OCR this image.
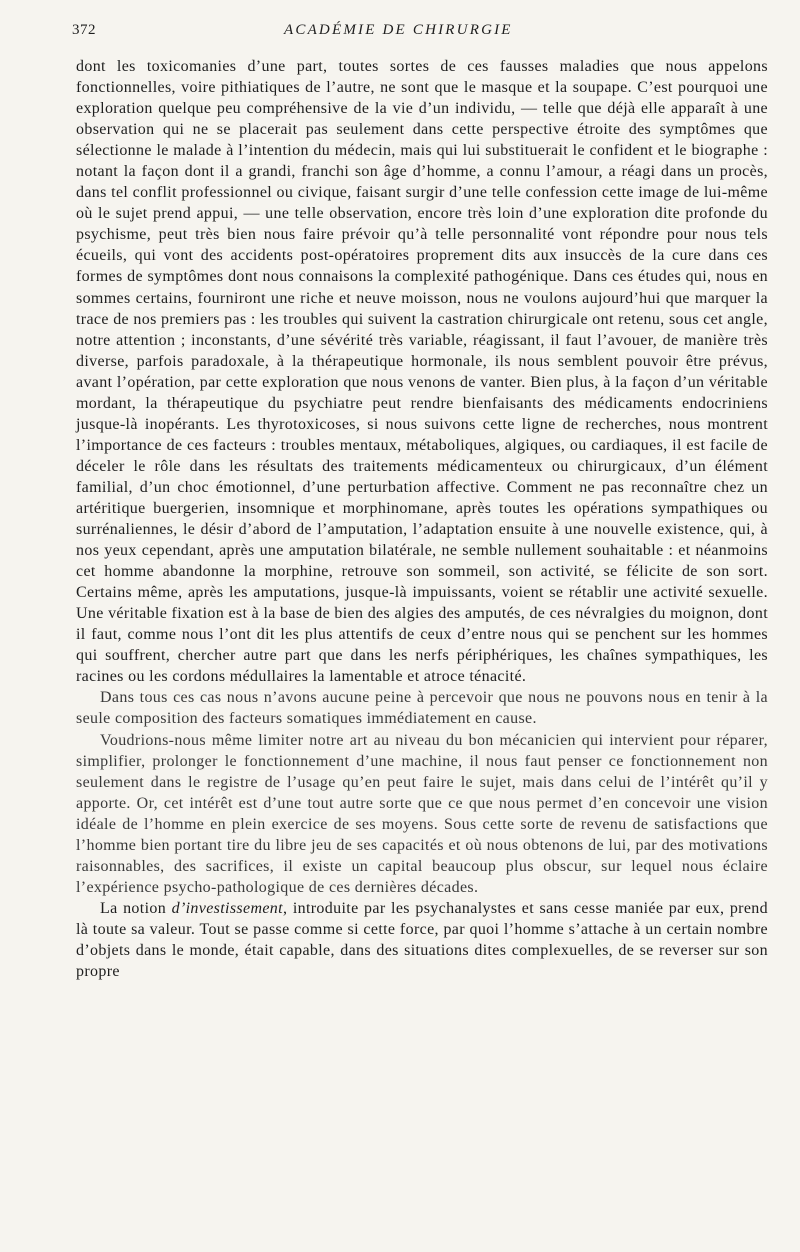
372	ACADÉMIE DE CHIRURGIE

dont les toxicomanies d’une part, toutes sortes de ces fausses maladies que nous appelons fonctionnelles, voire pithiatiques de l’autre, ne sont que le masque et la soupape. C’est pourquoi une exploration quelque peu compréhensive de la vie d’un individu, — telle que déjà elle apparaît à une observation qui ne se placerait pas seulement dans cette perspective étroite des symptômes que sélectionne le malade à l’intention du médecin, mais qui lui substituerait le confident et le biographe : notant la façon dont il a grandi, franchi son âge d’homme, a connu l’amour, a réagi dans un procès, dans tel conflit professionnel ou civique, faisant surgir d’une telle confession cette image de lui-même où le sujet prend appui, — une telle observation, encore très loin d’une exploration dite profonde du psychisme, peut très bien nous faire prévoir qu’à telle personnalité vont répondre pour nous tels écueils, qui vont des accidents post-opératoires proprement dits aux insuccès de la cure dans ces formes de symptômes dont nous connaisons la complexité pathogénique. Dans ces études qui, nous en sommes certains, fourniront une riche et neuve moisson, nous ne voulons aujourd’hui que marquer la trace de nos premiers pas : les troubles qui suivent la castration chirurgicale ont retenu, sous cet angle, notre attention ; inconstants, d’une sévérité très variable, réagissant, il faut l’avouer, de manière très diverse, parfois paradoxale, à la thérapeutique hormonale, ils nous semblent pouvoir être prévus, avant l’opération, par cette exploration que nous venons de vanter. Bien plus, à la façon d’un véritable mordant, la thérapeutique du psychiatre peut rendre bienfaisants des médicaments endocriniens jusque-là inopérants. Les thyrotoxicoses, si nous suivons cette ligne de recherches, nous montrent l’importance de ces facteurs : troubles mentaux, métaboliques, algiques, ou cardiaques, il est facile de déceler le rôle dans les résultats des traitements médicamenteux ou chirurgicaux, d’un élément familial, d’un choc émotionnel, d’une perturbation affective. Comment ne pas reconnaître chez un artéritique buergerien, insomnique et morphinomane, après toutes les opérations sympathiques ou surrénaliennes, le désir d’abord de l’amputation, l’adaptation ensuite à une nouvelle existence, qui, à nos yeux cependant, après une amputation bilatérale, ne semble nullement souhaitable : et néanmoins cet homme abandonne la morphine, retrouve son sommeil, son activité, se félicite de son sort. Certains même, après les amputations, jusque-là impuissants, voient se rétablir une activité sexuelle. Une véritable fixation est à la base de bien des algies des amputés, de ces névralgies du moignon, dont il faut, comme nous l’ont dit les plus attentifs de ceux d’entre nous qui se penchent sur les hommes qui souffrent, chercher autre part que dans les nerfs périphériques, les chaînes sympathiques, les racines ou les cordons médullaires la lamentable et atroce ténacité.

Dans tous ces cas nous n’avons aucune peine à percevoir que nous ne pouvons nous en tenir à la seule composition des facteurs somatiques immédiatement en cause.

Voudrions-nous même limiter notre art au niveau du bon mécanicien qui intervient pour réparer, simplifier, prolonger le fonctionnement d’une machine, il nous faut penser ce fonctionnement non seulement dans le registre de l’usage qu’en peut faire le sujet, mais dans celui de l’intérêt qu’il y apporte. Or, cet intérêt est d’une tout autre sorte que ce que nous permet d’en concevoir une vision idéale de l’homme en plein exercice de ses moyens. Sous cette sorte de revenu de satisfactions que l’homme bien portant tire du libre jeu de ses capacités et où nous obtenons de lui, par des motivations raisonnables, des sacrifices, il existe un capital beaucoup plus obscur, sur lequel nous éclaire l’expérience psycho-pathologique de ces dernières décades.

La notion d’investissement, introduite par les psychanalystes et sans cesse maniée par eux, prend là toute sa valeur. Tout se passe comme si cette force, par quoi l’homme s’attache à un certain nombre d’objets dans le monde, était capable, dans des situations dites complexuelles, de se reverser sur son propre
